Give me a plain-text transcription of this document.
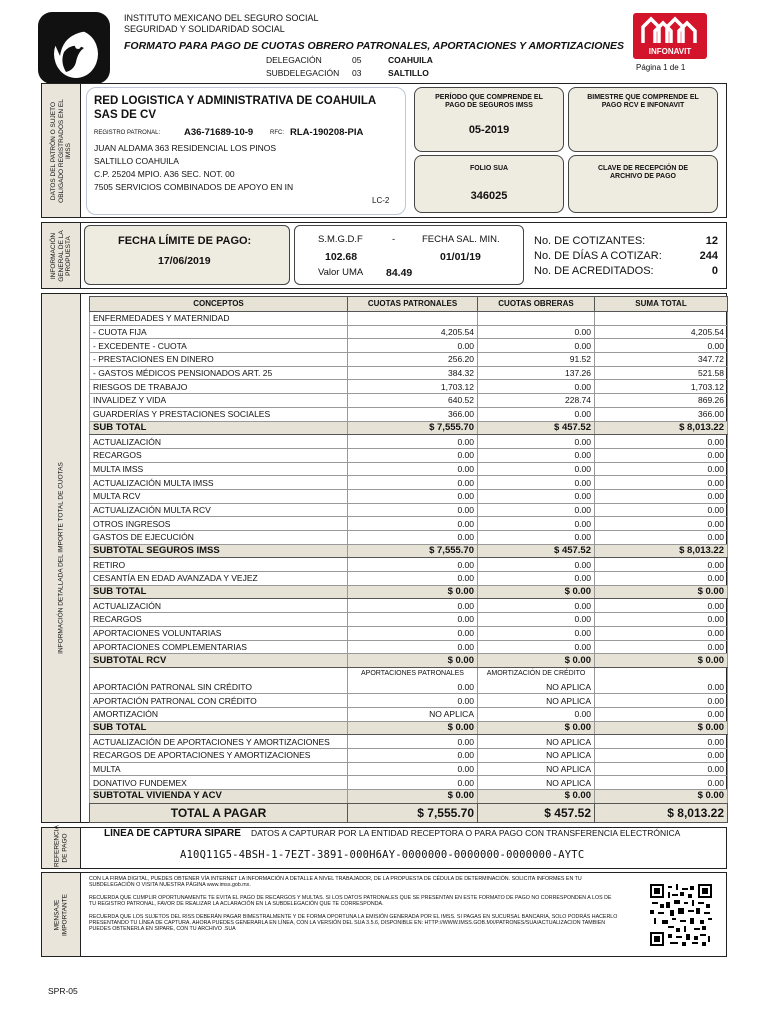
INSTITUTO MEXICANO DEL SEGURO SOCIAL
SEGURIDAD Y SOLIDARIDAD SOCIAL
FORMATO PARA PAGO DE CUOTAS OBRERO PATRONALES, APORTACIONES Y AMORTIZACIONES
DELEGACIÓN	05	COAHUILA
SUBDELEGACIÓN 03	SALTILLO
INFONAVIT
Página 1 de 1
DATOS DEL PATRÓN O SUJETO OBLIGADO REGISTRADOS EN EL IMSS
RED LOGISTICA Y ADMINISTRATIVA DE COAHUILA
SAS DE CV
REGISTRO PATRONAL:	A36-71689-10-9	RFC: RLA-190208-PIA
JUAN ALDAMA 363 RESIDENCIAL LOS PINOS
SALTILLO COAHUILA
C.P. 25204 MPIO. A36 SEC. NOT. 00
7505 SERVICIOS COMBINADOS DE APOYO EN IN
LC-2
PERÍODO QUE COMPRENDE EL PAGO DE SEGUROS IMSS
05-2019
BIMESTRE QUE COMPRENDE EL PAGO RCV E INFONAVIT
FOLIO SUA
346025
CLAVE DE RECEPCIÓN DE ARCHIVO DE PAGO
INFORMACIÓN GENERAL DE LA PROPUESTA	FECHA LÍMITE DE PAGO:
17/06/2019
S.M.G.D.F	-	FECHA SAL. MIN.
102.68	01/01/19
Valor UMA 84.49
No. DE COTIZANTES:	12
No. DE DÍAS A COTIZAR:	244
No. DE ACREDITADOS:	0
INFORMACIÓN DETALLADA DEL IMPORTE TOTAL DE CUOTAS
CONCEPTOS	CUOTAS PATRONALES	CUOTAS OBRERAS	SUMA TOTAL
ENFERMEDADES Y MATERNIDAD			
- CUOTA FIJA	4,205.54	0.00	4,205.54
- EXCEDENTE - CUOTA	0.00	0.00	0.00
- PRESTACIONES EN DINERO	256.20	91.52	347.72
- GASTOS MÉDICOS PENSIONADOS ART. 25	384.32	137.26	521.58
RIESGOS DE TRABAJO	1,703.12	0.00	1,703.12
INVALIDEZ Y VIDA	640.52	228.74	869.26
GUARDERÍAS Y PRESTACIONES SOCIALES	366.00	0.00	366.00
SUB TOTAL	$ 7,555.70	$ 457.52	$ 8,013.22
ACTUALIZACIÓN	0.00	0.00	0.00
RECARGOS	0.00	0.00	0.00
MULTA IMSS	0.00	0.00	0.00
ACTUALIZACIÓN MULTA IMSS	0.00	0.00	0.00
MULTA RCV	0.00	0.00	0.00
ACTUALIZACIÓN MULTA RCV	0.00	0.00	0.00
OTROS INGRESOS	0.00	0.00	0.00
GASTOS DE EJECUCIÓN	0.00	0.00	0.00
SUBTOTAL SEGUROS IMSS	$ 7,555.70	$ 457.52	$ 8,013.22
RETIRO	0.00	0.00	0.00
CESANTÍA EN EDAD AVANZADA Y VEJEZ	0.00	0.00	0.00
SUB TOTAL	$ 0.00	$ 0.00	$ 0.00
ACTUALIZACIÓN	0.00	0.00	0.00
RECARGOS	0.00	0.00	0.00
APORTACIONES VOLUNTARIAS	0.00	0.00	0.00
APORTACIONES COMPLEMENTARIAS	0.00	0.00	0.00
SUBTOTAL RCV	$ 0.00	$ 0.00	$ 0.00
	APORTACIONES PATRONALES	AMORTIZACIÓN DE CRÉDITO	
APORTACIÓN PATRONAL SIN CRÉDITO	0.00	NO APLICA	0.00
APORTACIÓN PATRONAL CON CRÉDITO	0.00	NO APLICA	0.00
AMORTIZACIÓN	NO APLICA	0.00	0.00
SUB TOTAL	$ 0.00	$ 0.00	$ 0.00
ACTUALIZACIÓN DE APORTACIONES Y AMORTIZACIONES	0.00	NO APLICA	0.00
RECARGOS DE APORTACIONES Y AMORTIZACIONES	0.00	NO APLICA	0.00
MULTA	0.00	NO APLICA	0.00
DONATIVO FUNDEMEX	0.00	NO APLICA	0.00
SUBTOTAL VIVIENDA Y ACV	$ 0.00	$ 0.00	$ 0.00
TOTAL A PAGAR	$ 7,555.70	$ 457.52	$ 8,013.22
REFERENCIA DE PAGO	LÍNEA DE CAPTURA SIPARE DATOS A CAPTURAR POR LA ENTIDAD RECEPTORA O PARA PAGO CON TRANSFERENCIA ELECTRÓNICA
A10Q11G5-4BSH-1-7EZT-3891-000H6AY-0000000-0000000-0000000-AYTC
MENSAJE IMPORTANTE
CON LA FIRMA DIGITAL, PUEDES OBTENER VÍA INTERNET LA INFORMACIÓN A DETALLE A NIVEL TRABAJADOR, DE LA PROPUESTA DE CÉDULA DE DETERMINACIÓN. SOLICITA INFORMES EN TU SUBDELEGACIÓN O VISITA NUESTRA PÁGINA www.imss.gob.mx.
RECUERDA QUE CUMPLIR OPORTUNAMENTE TE EVITA EL PAGO DE RECARGOS Y MULTAS. SI LOS DATOS PATRONALES QUE SE PRESENTAN EN ESTE FORMATO DE PAGO NO CORRESPONDEN A LOS DE TU REGISTRO PATRONAL, FAVOR DE REALIZAR LA ACLARACIÓN EN LA SUBDELEGACIÓN QUE TE CORRESPONDA.
RECUERDA QUE LOS SUJETOS DEL RISS DEBERÁN PAGAR BIMESTRALMENTE Y DE FORMA OPORTUNA LA EMISIÓN GENERADA POR EL IMSS. SI PAGAS EN SUCURSAL BANCARIA, SOLO PODRÁS HACERLO PRESENTANDO TU LÍNEA DE CAPTURA. AHORA PUEDES GENERARLA EN LÍNEA, CON LA VERSIÓN DEL SUA 3.5.6, DISPONIBLE EN: HTTP://WWW.IMSS.GOB.MX/PATRONES/SUA/ACTUALIZACION TAMBIEN PUEDES OBTENERLA EN SIPARE, CON TU ARCHIVO .SUA
SPR-05
